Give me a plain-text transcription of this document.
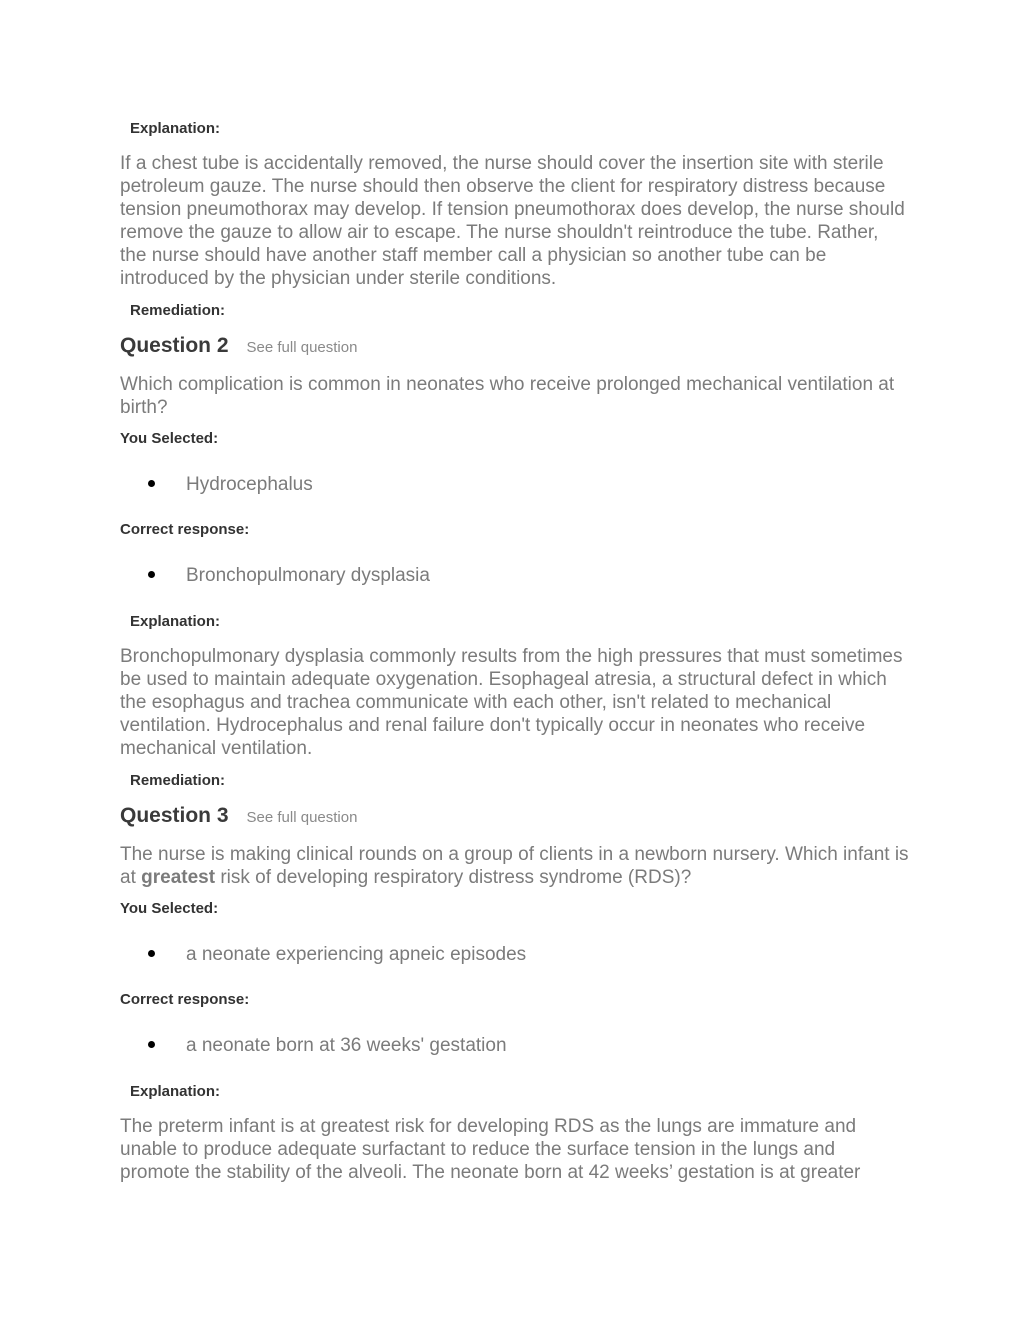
Explanation:

If a chest tube is accidentally removed, the nurse should cover the insertion site with sterile petroleum gauze. The nurse should then observe the client for respiratory distress because tension pneumothorax may develop. If tension pneumothorax does develop, the nurse should remove the gauze to allow air to escape. The nurse shouldn't reintroduce the tube. Rather, the nurse should have another staff member call a physician so another tube can be introduced by the physician under sterile conditions.

Remediation:
Question 2 See full question

Which complication is common in neonates who receive prolonged mechanical ventilation at birth?

You Selected:
Hydrocephalus
Correct response:
Bronchopulmonary dysplasia
Explanation:

Bronchopulmonary dysplasia commonly results from the high pressures that must sometimes be used to maintain adequate oxygenation. Esophageal atresia, a structural defect in which the esophagus and trachea communicate with each other, isn't related to mechanical ventilation. Hydrocephalus and renal failure don't typically occur in neonates who receive mechanical ventilation.

Remediation:
Question 3 See full question

The nurse is making clinical rounds on a group of clients in a newborn nursery. Which infant is at greatest risk of developing respiratory distress syndrome (RDS)?

You Selected:
a neonate experiencing apneic episodes
Correct response:
a neonate born at 36 weeks' gestation
Explanation:

The preterm infant is at greatest risk for developing RDS as the lungs are immature and unable to produce adequate surfactant to reduce the surface tension in the lungs and promote the stability of the alveoli. The neonate born at 42 weeks’ gestation is at greater
